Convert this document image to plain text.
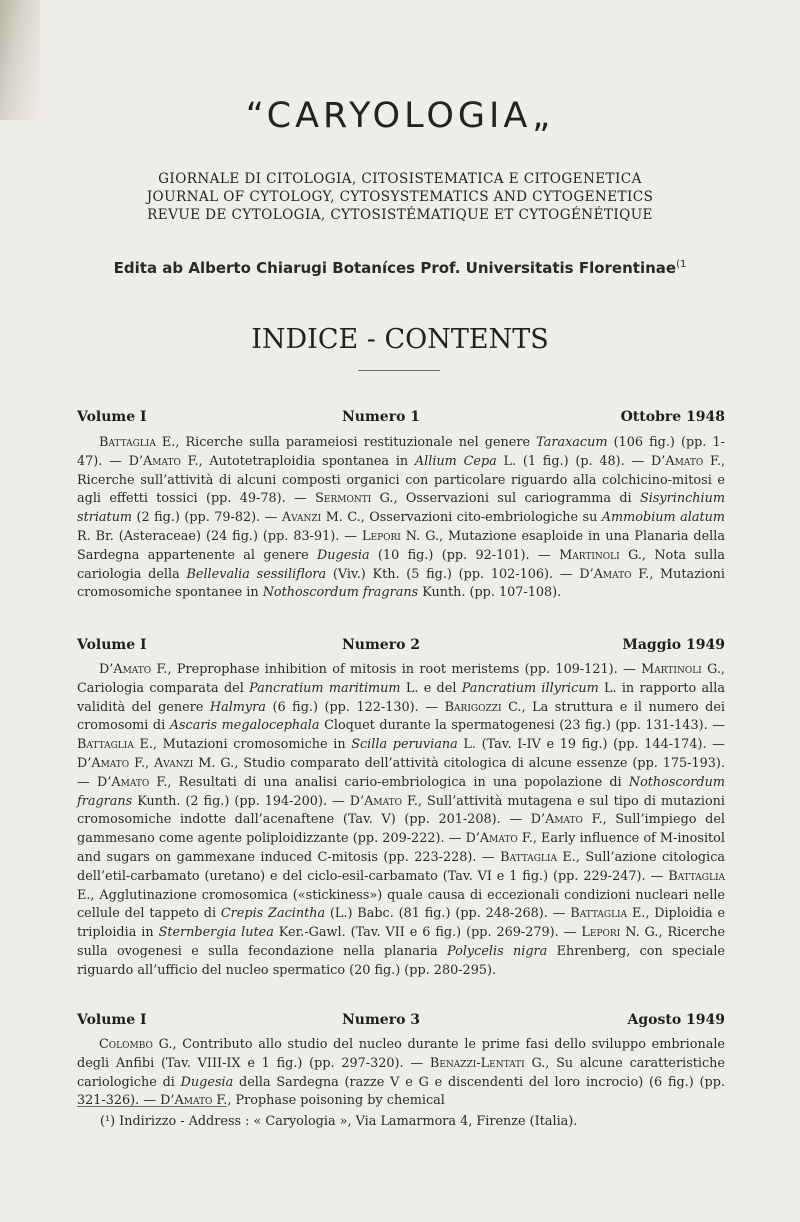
“CARYOLOGIA„
GIORNALE DI CITOLOGIA, CITOSISTEMATICA E CITOGENETICA
JOURNAL OF CYTOLOGY, CYTOSYSTEMATICS AND CYTOGENETICS
REVUE DE CYTOLOGIA, CYTOSISTÉMATIQUE ET CYTOGÉNÉTIQUE
Edita ab Alberto Chiarugi Botaníces Prof. Universitatis Florentinae$^{(1}$
INDICE - CONTENTS
Volume I	Numero 1	Ottobre 1948
Battaglia E., Ricerche sulla parameiosi restituzionale nel genere Taraxacum (106 fig.) (pp. 1-47). — D’Amato F., Autotetraploidia spontanea in Allium Cepa L. (1 fig.) (p. 48). — D’Amato F., Ricerche sull’attività di alcuni composti organici con particolare riguardo alla colchicino-mitosi e agli effetti tossici (pp. 49-78). — Sermonti G., Osservazioni sul cariogramma di Sisyrinchium striatum (2 fig.) (pp. 79-82). — Avanzi M. C., Osservazioni cito-embriologiche su Ammobium alatum R. Br. (Asteraceae) (24 fig.) (pp. 83-91). — Lepori N. G., Mutazione esaploide in una Planaria della Sardegna appartenente al genere Dugesia (10 fig.) (pp. 92-101). — Martinoli G., Nota sulla cariologia della Bellevalia sessiliflora (Viv.) Kth. (5 fig.) (pp. 102-106). — D’Amato F., Mutazioni cromosomiche spontanee in Nothoscordum fragrans Kunth. (pp. 107-108).
Volume I	Numero 2	Maggio 1949
D’Amato F., Preprophase inhibition of mitosis in root meristems (pp. 109-121). — Martinoli G., Cariologia comparata del Pancratium maritimum L. e del Pancratium illyricum L. in rapporto alla validità del genere Halmyra (6 fig.) (pp. 122-130). — Barigozzi C., La struttura e il numero dei cromosomi di Ascaris megalocephala Cloquet durante la spermatogenesi (23 fig.) (pp. 131-143). — Battaglia E., Mutazioni cromosomiche in Scilla peruviana L. (Tav. I-IV e 19 fig.) (pp. 144-174). — D’Amato F., Avanzi M. G., Studio comparato dell’attività citologica di alcune essenze (pp. 175-193). — D’Amato F., Resultati di una analisi cario-embriologica in una popolazione di Nothoscordum fragrans Kunth. (2 fig.) (pp. 194-200). — D’Amato F., Sull’attività mutagena e sul tipo di mutazioni cromosomiche indotte dall’acenaftene (Tav. V) (pp. 201-208). — D’Amato F., Sull’impiego del gammesano come agente poliploidizzante (pp. 209-222). — D’Amato F., Early influence of M-inositol and sugars on gammexane induced C-mitosis (pp. 223-228). — Battaglia E., Sull’azione citologica dell’etil-carbamato (uretano) e del ciclo-esil-carbamato (Tav. VI e 1 fig.) (pp. 229-247). — Battaglia E., Agglutinazione cromosomica («stickiness») quale causa di eccezionali condizioni nucleari nelle cellule del tappeto di Crepis Zacintha (L.) Babc. (81 fig.) (pp. 248-268). — Battaglia E., Diploidia e triploidia in Sternbergia lutea Ker.-Gawl. (Tav. VII e 6 fig.) (pp. 269-279). — Lepori N. G., Ricerche sulla ovogenesi e sulla fecondazione nella planaria Polycelis nigra Ehrenberg, con speciale riguardo all’ufficio del nucleo spermatico (20 fig.) (pp. 280-295).
Volume I	Numero 3	Agosto 1949
Colombo G., Contributo allo studio del nucleo durante le prime fasi dello sviluppo embrionale degli Anfibi (Tav. VIII-IX e 1 fig.) (pp. 297-320). — Benazzi-Lentati G., Su alcune caratteristiche cariologiche di Dugesia della Sardegna (razze V e G e discendenti del loro incrocio) (6 fig.) (pp. 321-326). — D’Amato F., Prophase poisoning by chemical
(¹) Indirizzo - Address : « Caryologia », Via Lamarmora 4, Firenze (Italia).
